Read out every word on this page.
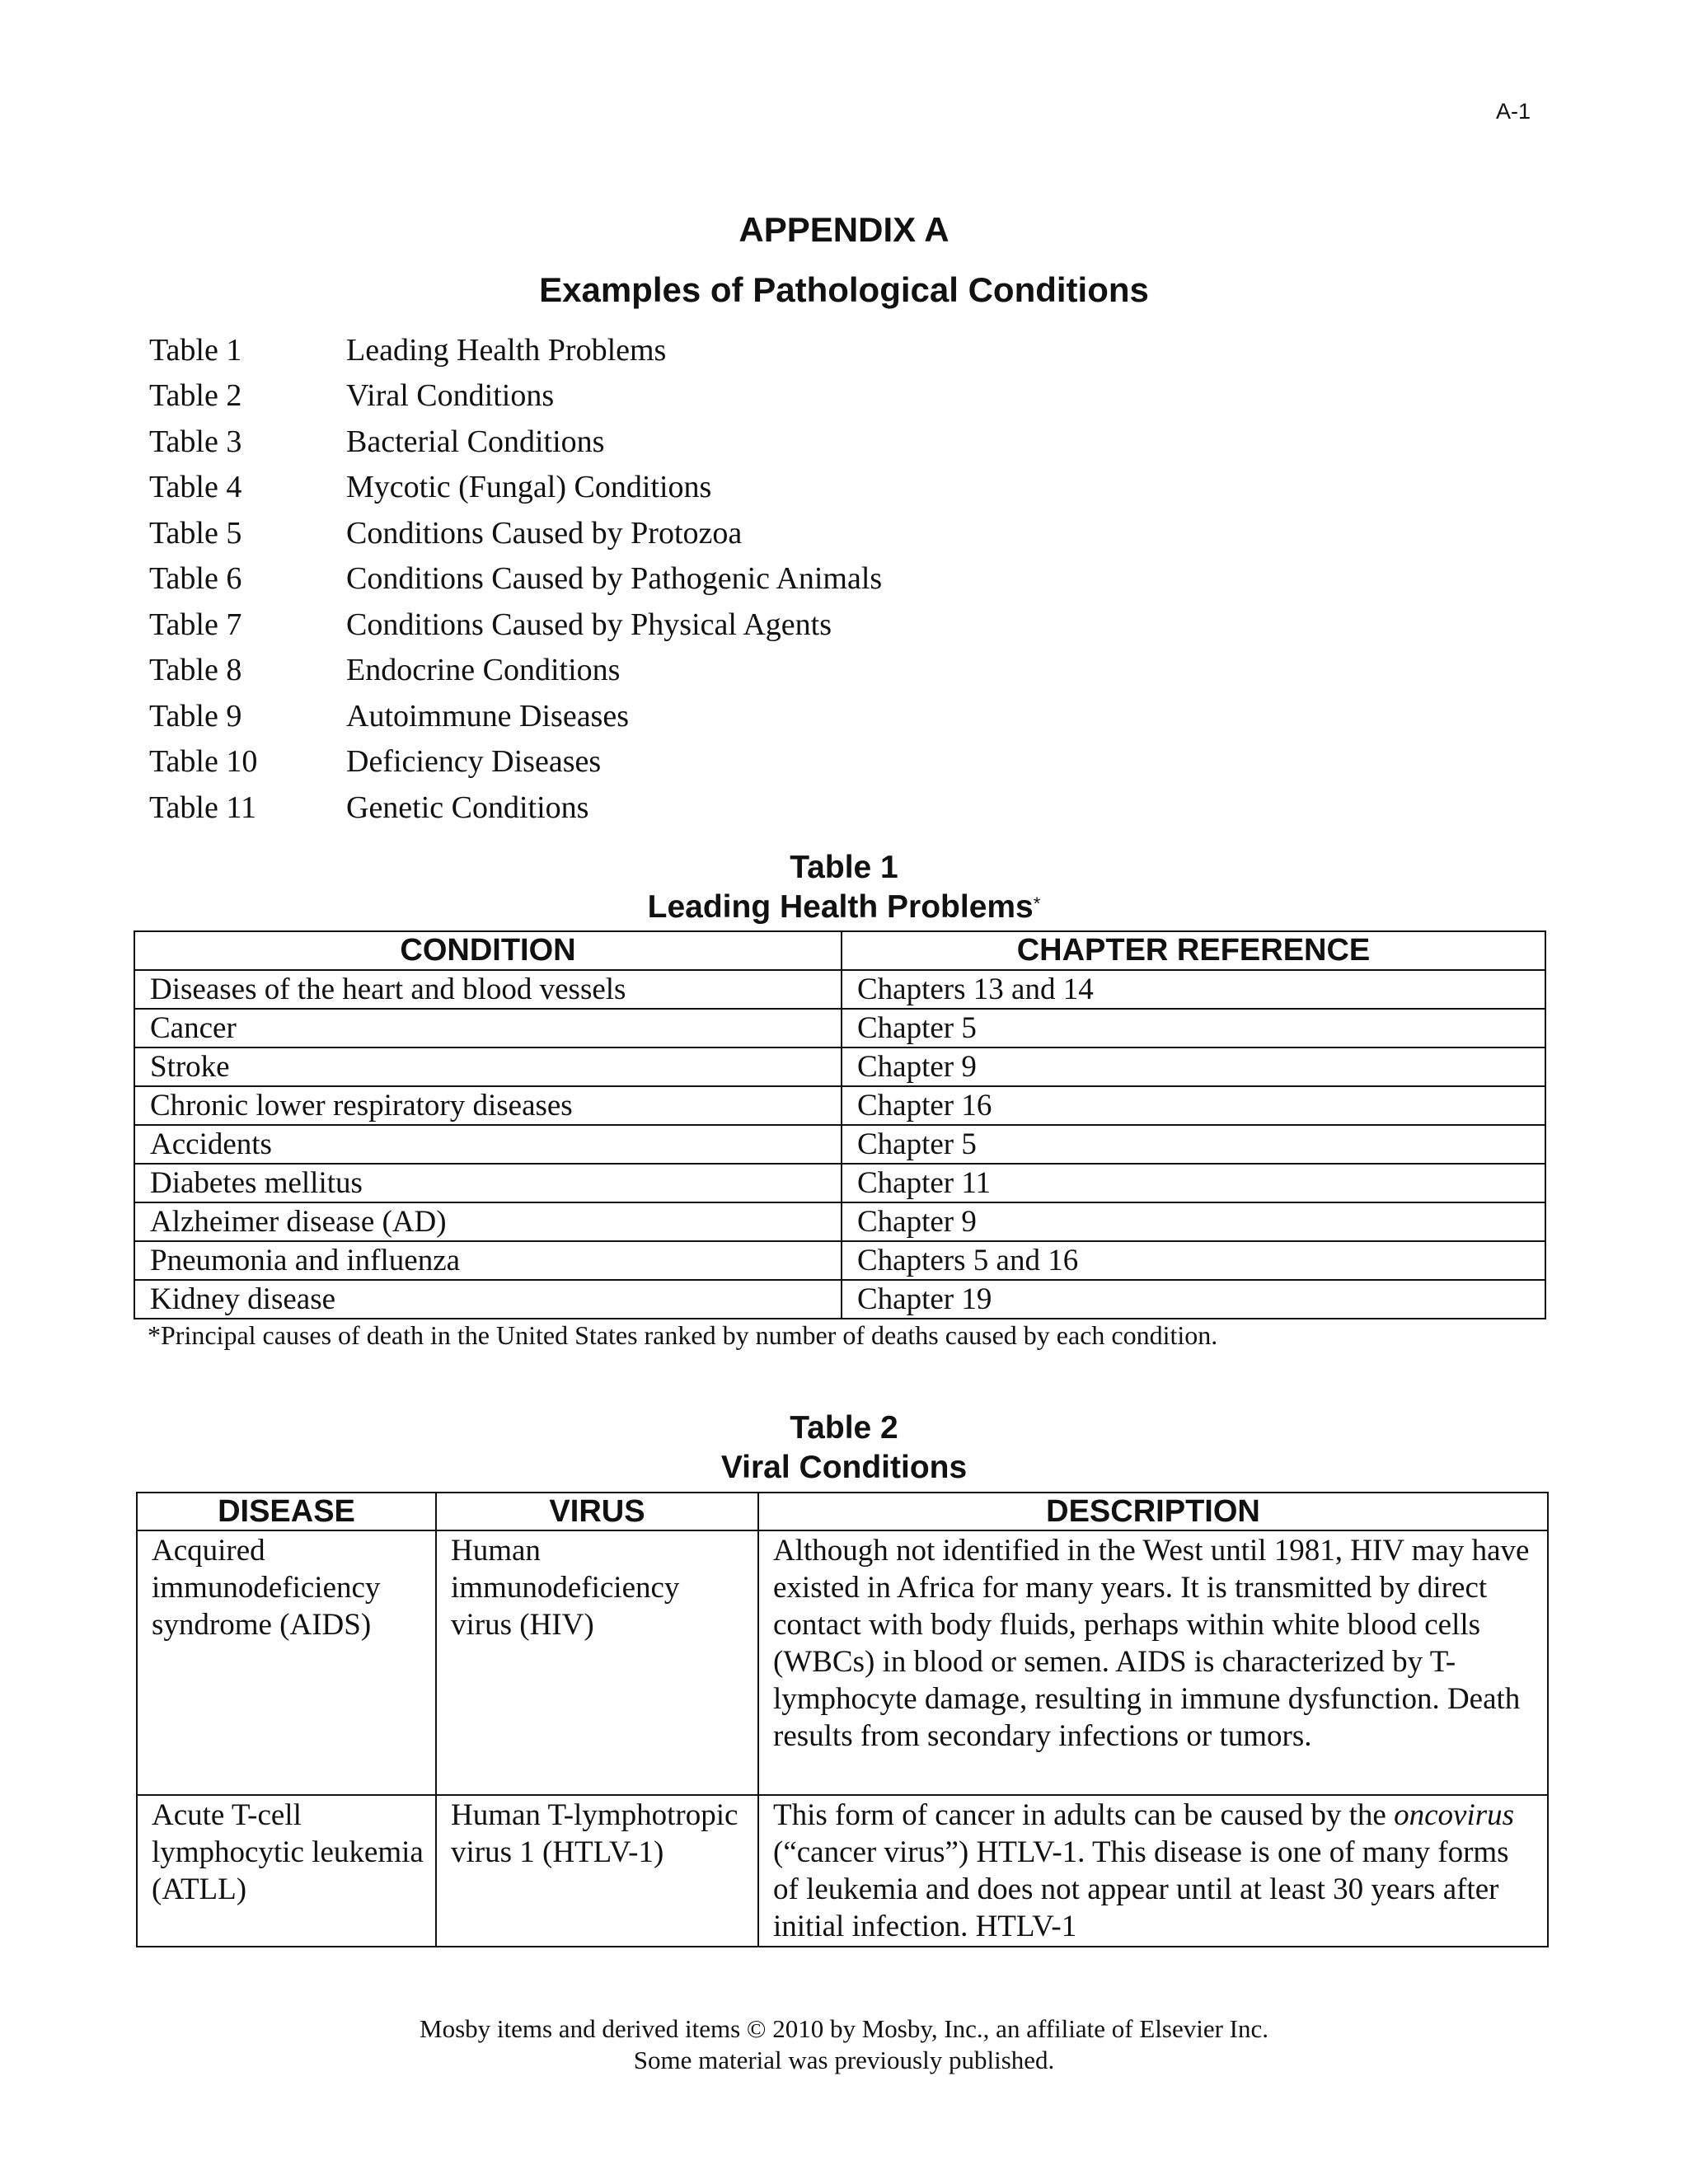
A-1
APPENDIX A
Examples of Pathological Conditions
Table 1	Leading Health Problems
Table 2	Viral Conditions
Table 3	Bacterial Conditions
Table 4	Mycotic (Fungal) Conditions
Table 5	Conditions Caused by Protozoa
Table 6	Conditions Caused by Pathogenic Animals
Table 7	Conditions Caused by Physical Agents
Table 8	Endocrine Conditions
Table 9	Autoimmune Diseases
Table 10	Deficiency Diseases
Table 11	Genetic Conditions
Table 1
Leading Health Problems*
CONDITION	CHAPTER REFERENCE
Diseases of the heart and blood vessels	Chapters 13 and 14
Cancer	Chapter 5
Stroke	Chapter 9
Chronic lower respiratory diseases	Chapter 16
Accidents	Chapter 5
Diabetes mellitus	Chapter 11
Alzheimer disease (AD)	Chapter 9
Pneumonia and influenza	Chapters 5 and 16
Kidney disease	Chapter 19
*Principal causes of death in the United States ranked by number of deaths caused by each condition.
Table 2
Viral Conditions
DISEASE	VIRUS	DESCRIPTION
Acquired immunodeficiency syndrome (AIDS)	Human immunodeficiency virus (HIV)	Although not identified in the West until 1981, HIV may have existed in Africa for many years. It is transmitted by direct contact with body fluids, perhaps within white blood cells (WBCs) in blood or semen. AIDS is characterized by T-lymphocyte damage, resulting in immune dysfunction. Death results from secondary infections or tumors.
Acute T-cell lymphocytic leukemia (ATLL)	Human T-lymphotropic virus 1 (HTLV-1)	This form of cancer in adults can be caused by the oncovirus (“cancer virus”) HTLV-1. This disease is one of many forms of leukemia and does not appear until at least 30 years after initial infection. HTLV-1
Mosby items and derived items © 2010 by Mosby, Inc., an affiliate of Elsevier Inc.
Some material was previously published.
